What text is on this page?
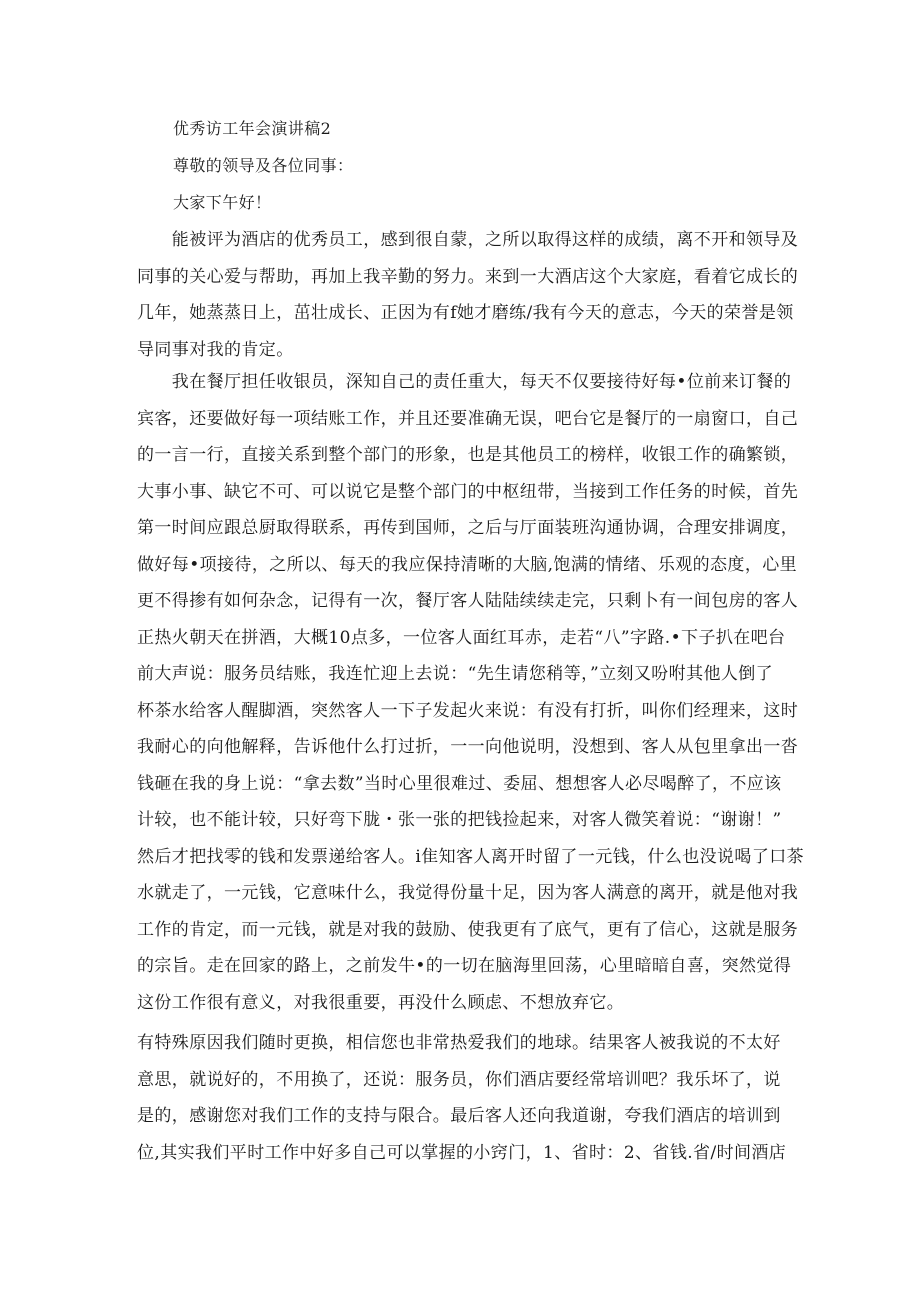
优秀访工年会演讲稿2
尊敬的领导及各位同事：
大家下午好！
　　能被评为酒店的优秀员工，感到很自蒙，之所以取得这样的成绩，离不开和领导及
同事的关心爱与帮助，再加上我辛勤的努力。来到一大酒店这个大家庭，看着它成长的
几年，她蒸蒸日上，茁壮成长、正因为有f她才磨练/我有今天的意志，今天的荣誉是领
导同事对我的肯定。
　　我在餐厅担任收银员，深知自己的责任重大，每天不仅要接待好每•位前来订餐的
宾客，还要做好每一项结账工作，并且还要准确无误，吧台它是餐厅的一扇窗口，自己
的一言一行，直接关系到整个部门的形象，也是其他员工的榜样，收银工作的确繁锁，
大事小事、缺它不可、可以说它是整个部门的中枢纽带，当接到工作任务的时候，首先
第一时间应跟总厨取得联系，再传到国师，之后与厅面装班沟通协调，合理安排调度，
做好每•项接待，之所以、每天的我应保持清晰的大脑,饱满的情绪、乐观的态度，心里
更不得掺有如何杂念，记得有一次，餐厅客人陆陆续续走完，只剩卜有一间包房的客人
正热火朝天在拼酒，大概10点多，一位客人面红耳赤，走若“八”字路.•下子扒在吧台
前大声说：服务员结账，我连忙迎上去说：“先生请您稍等，”立刻又吩咐其他人倒了
杯茶水给客人醒脚酒，突然客人一下子发起火来说：有没有打折，叫你们经理来，这时
我耐心的向他解释，告诉他什么打过折，一一向他说明，没想到、客人从包里拿出一沓
钱砸在我的身上说：“拿去数”当时心里很难过、委屈、想想客人必尽喝醉了，不应该
计较，也不能计较，只好弯下胧・张一张的把钱捡起来，对客人微笑着说：“谢谢！”
然后才把找零的钱和发票递给客人。i隹知客人离开时留了一元钱，什么也没说喝了口茶
水就走了，一元钱，它意味什么，我觉得份量十足，因为客人满意的离开，就是他对我
工作的肯定，而一元钱，就是对我的鼓励、使我更有了底气，更有了信心，这就是服务
的宗旨。走在回家的路上，之前发牛•的一切在脑海里回荡，心里暗暗自喜，突然觉得
这份工作很有意义，对我很重要，再没什么顾虑、不想放弃它。
有特殊原因我们随时更换，相信您也非常热爱我们的地球。结果客人被我说的不太好
意思，就说好的，不用换了，还说：服务员，你们酒店要经常培训吧？我乐坏了，说
是的，感谢您对我们工作的支持与限合。最后客人还向我道谢，夸我们酒店的培训到
位,其实我们平时工作中好多自己可以掌握的小窍门，1、省时：2、省钱.省/时间酒店
